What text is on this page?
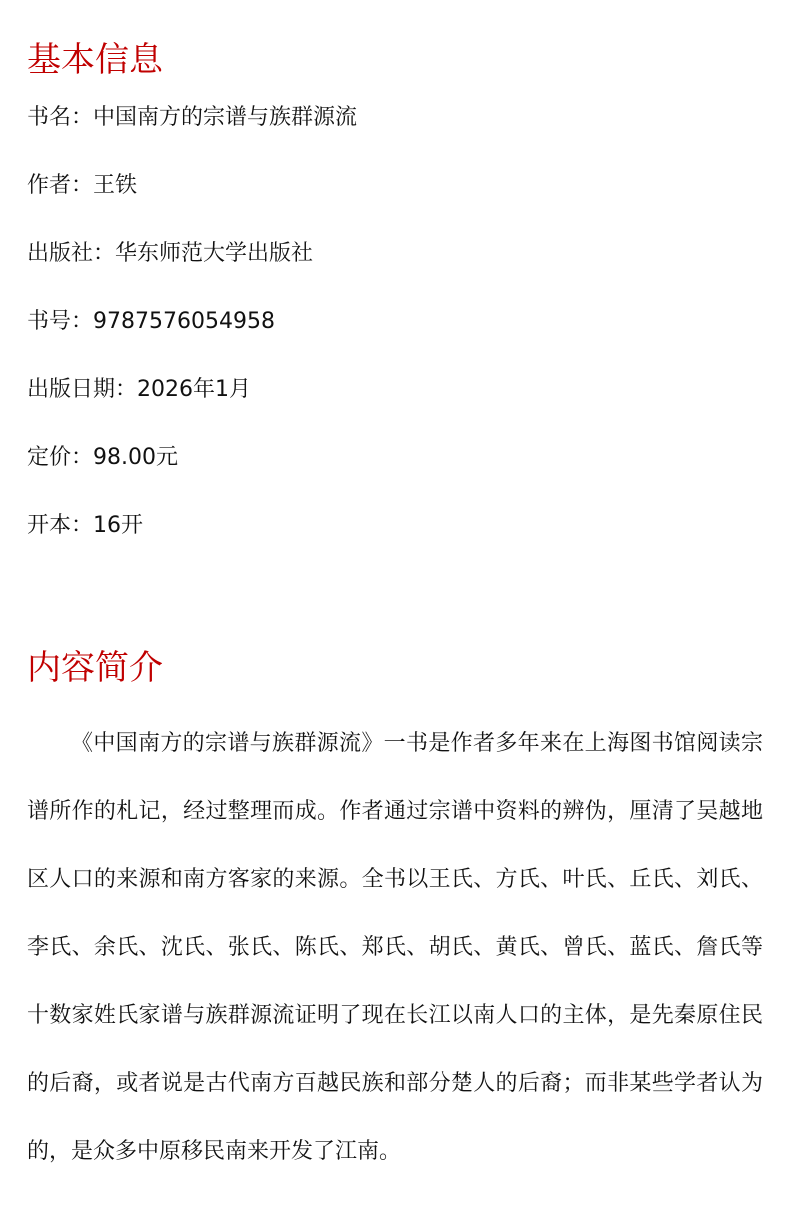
基本信息
书名：中国南方的宗谱与族群源流
作者：王铁
出版社：华东师范大学出版社
书号：9787576054958
出版日期：2026年1月
定价：98.00元
开本：16开
内容简介

《中国南方的宗谱与族群源流》一书是作者多年来在上海图书馆阅读宗谱所作的札记，经过整理而成。作者通过宗谱中资料的辨伪，厘清了吴越地区人口的来源和南方客家的来源。全书以王氏、方氏、叶氏、丘氏、刘氏、李氏、余氏、沈氏、张氏、陈氏、郑氏、胡氏、黄氏、曾氏、蓝氏、詹氏等十数家姓氏家谱与族群源流证明了现在长江以南人口的主体，是先秦原住民的后裔，或者说是古代南方百越民族和部分楚人的后裔；而非某些学者认为的，是众多中原移民南来开发了江南。
